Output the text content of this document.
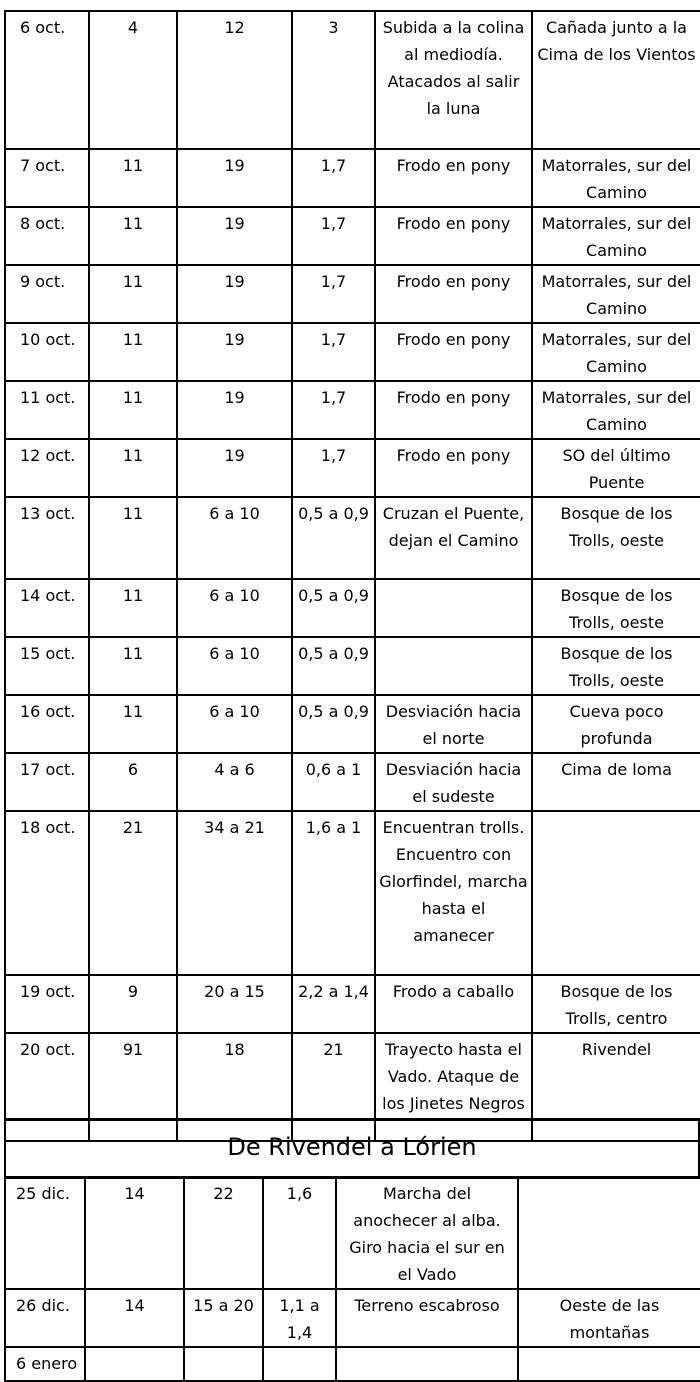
6 oct.	4	12	3	Subida a la colina al mediodía. Atacados al salir la luna	Cañada junto a la Cima de los Vientos
7 oct.	11	19	1,7	Frodo en pony	Matorrales, sur del Camino
8 oct.	11	19	1,7	Frodo en pony	Matorrales, sur del Camino
9 oct.	11	19	1,7	Frodo en pony	Matorrales, sur del Camino
10 oct.	11	19	1,7	Frodo en pony	Matorrales, sur del Camino
11 oct.	11	19	1,7	Frodo en pony	Matorrales, sur del Camino
12 oct.	11	19	1,7	Frodo en pony	SO del último Puente
13 oct.	11	6 a 10	0,5 a 0,9	Cruzan el Puente, dejan el Camino	Bosque de los Trolls, oeste
14 oct.	11	6 a 10	0,5 a 0,9		Bosque de los Trolls, oeste
15 oct.	11	6 a 10	0,5 a 0,9		Bosque de los Trolls, oeste
16 oct.	11	6 a 10	0,5 a 0,9	Desviación hacia el norte	Cueva poco profunda
17 oct.	6	4 a 6	0,6 a 1	Desviación hacia el sudeste	Cima de loma
18 oct.	21	34 a 21	1,6 a 1	Encuentran trolls. Encuentro con Glorfindel, marcha hasta el amanecer	
19 oct.	9	20 a 15	2,2 a 1,4	Frodo a caballo	Bosque de los Trolls, centro
20 oct.	91	18	21	Trayecto hasta el Vado. Ataque de los Jinetes Negros	Rivendel
De Rivendel a Lórien
25 dic.	14	22	1,6	Marcha del anochecer al alba. Giro hacia el sur en el Vado	
26 dic.	14	15 a 20	1,1 a 1,4	Terreno escabroso	Oeste de las montañas
6 enero					
